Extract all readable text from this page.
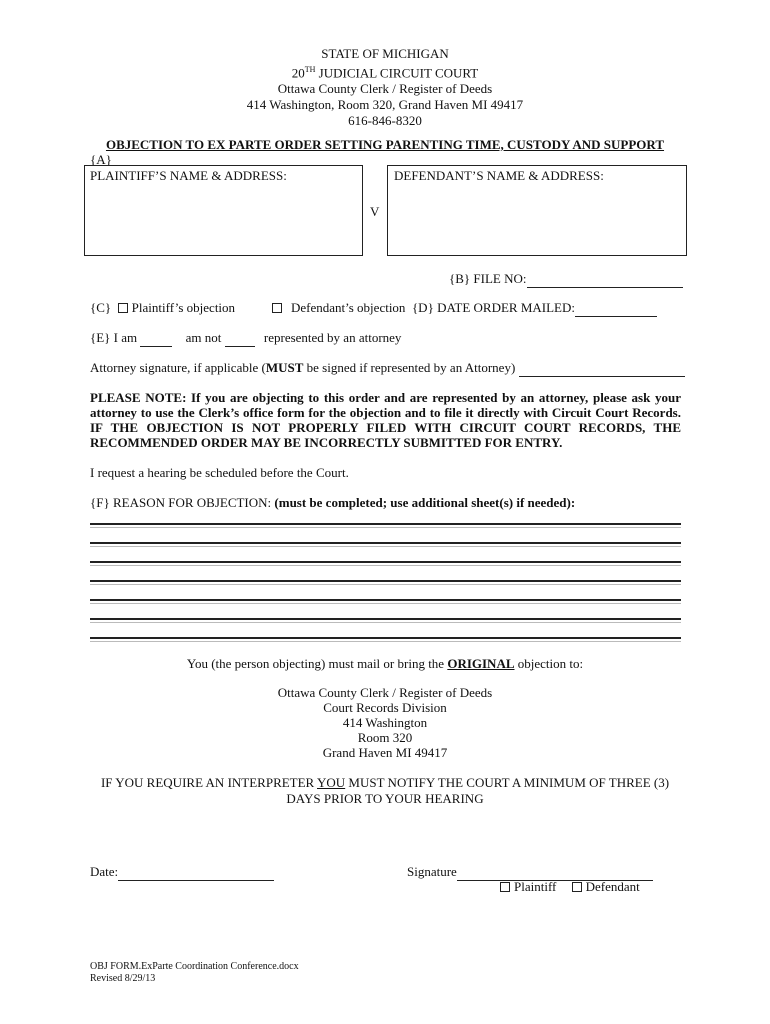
STATE OF MICHIGAN
20TH JUDICIAL CIRCUIT COURT
Ottawa County Clerk / Register of Deeds
414 Washington, Room 320, Grand Haven MI 49417
616-846-8320
OBJECTION TO EX PARTE ORDER SETTING PARENTING TIME, CUSTODY AND SUPPORT
{A}
PLAINTIFF’S NAME & ADDRESS:
V
DEFENDANT’S NAME & ADDRESS:
{B} FILE NO:
{C} Plaintiff’s objection	Defendant’s objection {D} DATE ORDER MAILED:
{E} I am	am not	represented by an attorney
Attorney signature, if applicable (MUST be signed if represented by an Attorney)
PLEASE NOTE: If you are objecting to this order and are represented by an attorney, please ask your attorney to use the Clerk’s office form for the objection and to file it directly with Circuit Court Records. IF THE OBJECTION IS NOT PROPERLY FILED WITH CIRCUIT COURT RECORDS, THE RECOMMENDED ORDER MAY BE INCORRECTLY SUBMITTED FOR ENTRY.
I request a hearing be scheduled before the Court.
{F} REASON FOR OBJECTION: (must be completed; use additional sheet(s) if needed):
You (the person objecting) must mail or bring the ORIGINAL objection to:
Ottawa County Clerk / Register of Deeds
Court Records Division
414 Washington
Room 320
Grand Haven MI 49417
IF YOU REQUIRE AN INTERPRETER YOU MUST NOTIFY THE COURT A MINIMUM OF THREE (3)
DAYS PRIOR TO YOUR HEARING
Date:	Signature
Plaintiff Defendant
OBJ FORM.ExParte Coordination Conference.docx
Revised 8/29/13
